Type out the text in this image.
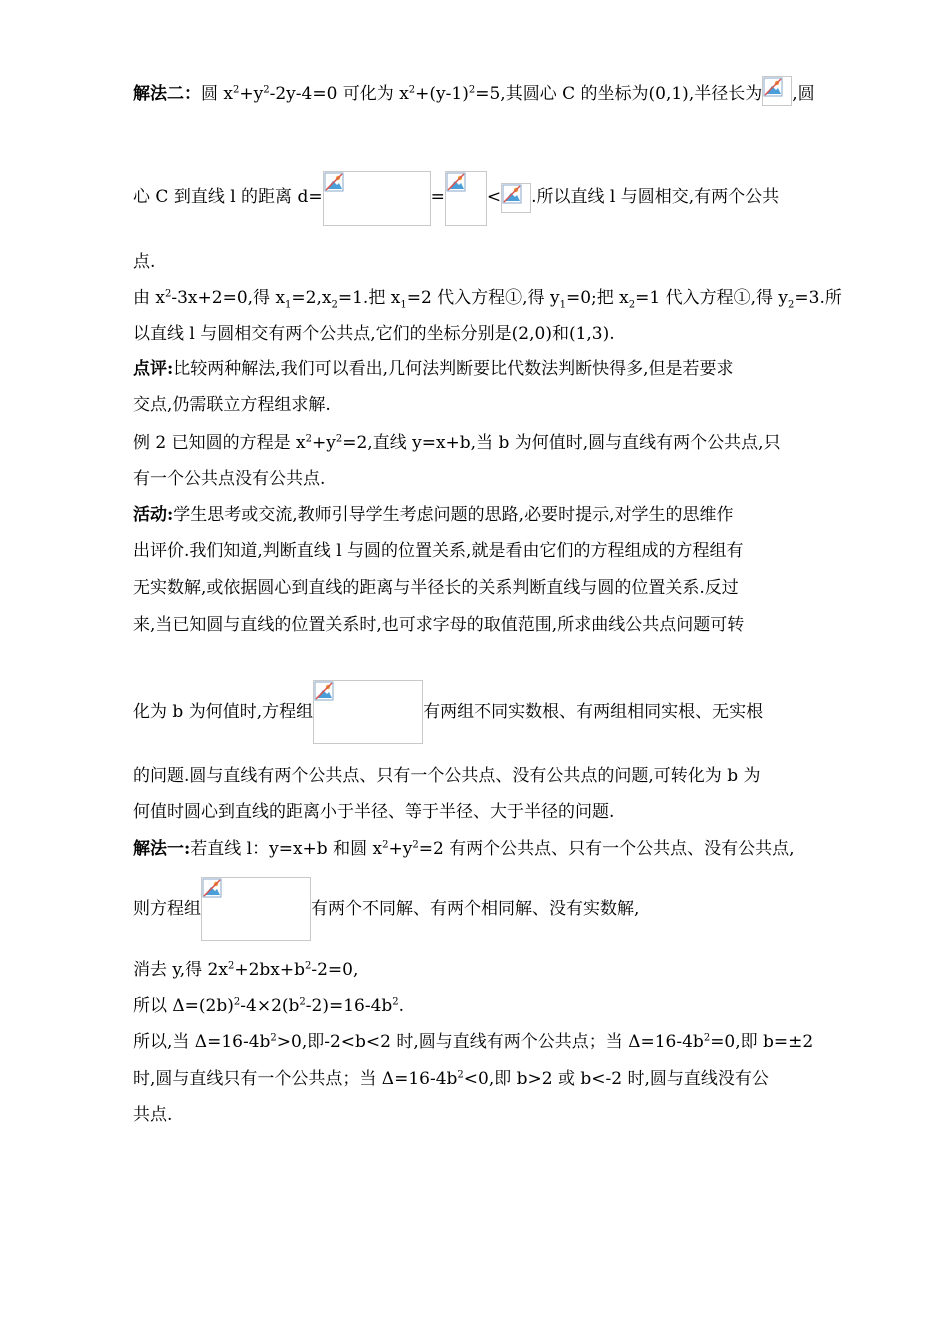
解法二：圆 $x^2+y^2-2y-4=0$ 可化为 $x^2+(y-1)^2=5$,其圆心 C 的坐标为(0,1),半径长为 ,圆
心 C 到直线 l 的距离 d=	= < .所以直线 l 与圆相交,有两个公共
点.
由 $x^2-3x+2=0$,得 $x_1=2,x_2=1$.把 $x_1=2$ 代入方程①,得 $y_1=0$;把 $x_2=1$ 代入方程①,得 $y_2=3$.所
以直线 l 与圆相交有两个公共点,它们的坐标分别是(2,0)和(1,3).
点评:比较两种解法,我们可以看出,几何法判断要比代数法判断快得多,但是若要求
交点,仍需联立方程组求解.
例 2 已知圆的方程是 $x^2+y^2=2$,直线 y=x+b,当 b 为何值时,圆与直线有两个公共点,只
有一个公共点没有公共点.
活动:学生思考或交流,教师引导学生考虑问题的思路,必要时提示,对学生的思维作
出评价.我们知道,判断直线 l 与圆的位置关系,就是看由它们的方程组成的方程组有
无实数解,或依据圆心到直线的距离与半径长的关系判断直线与圆的位置关系.反过
来,当已知圆与直线的位置关系时,也可求字母的取值范围,所求曲线公共点问题可转
化为 b 为何值时,方程组	有两组不同实数根、有两组相同实根、无实根
的问题.圆与直线有两个公共点、只有一个公共点、没有公共点的问题,可转化为 b 为
何值时圆心到直线的距离小于半径、等于半径、大于半径的问题.
解法一:若直线 l：y=x+b 和圆 $x^2+y^2=2$ 有两个公共点、只有一个公共点、没有公共点,
则方程组	有两个不同解、有两个相同解、没有实数解,
消去 y,得 $2x^2+2bx+b^2-2=0$,
所以 $\Delta=(2b)^2-4\times 2(b^2-2)=16-4b^2$.
所以,当 $\Delta=16-4b^2>0$,即-2<b<2 时,圆与直线有两个公共点；当 $\Delta=16-4b^2=0$,即 b=±2
时,圆与直线只有一个公共点；当 $\Delta=16-4b^2<0$,即 b>2 或 b<-2 时,圆与直线没有公
共点.
